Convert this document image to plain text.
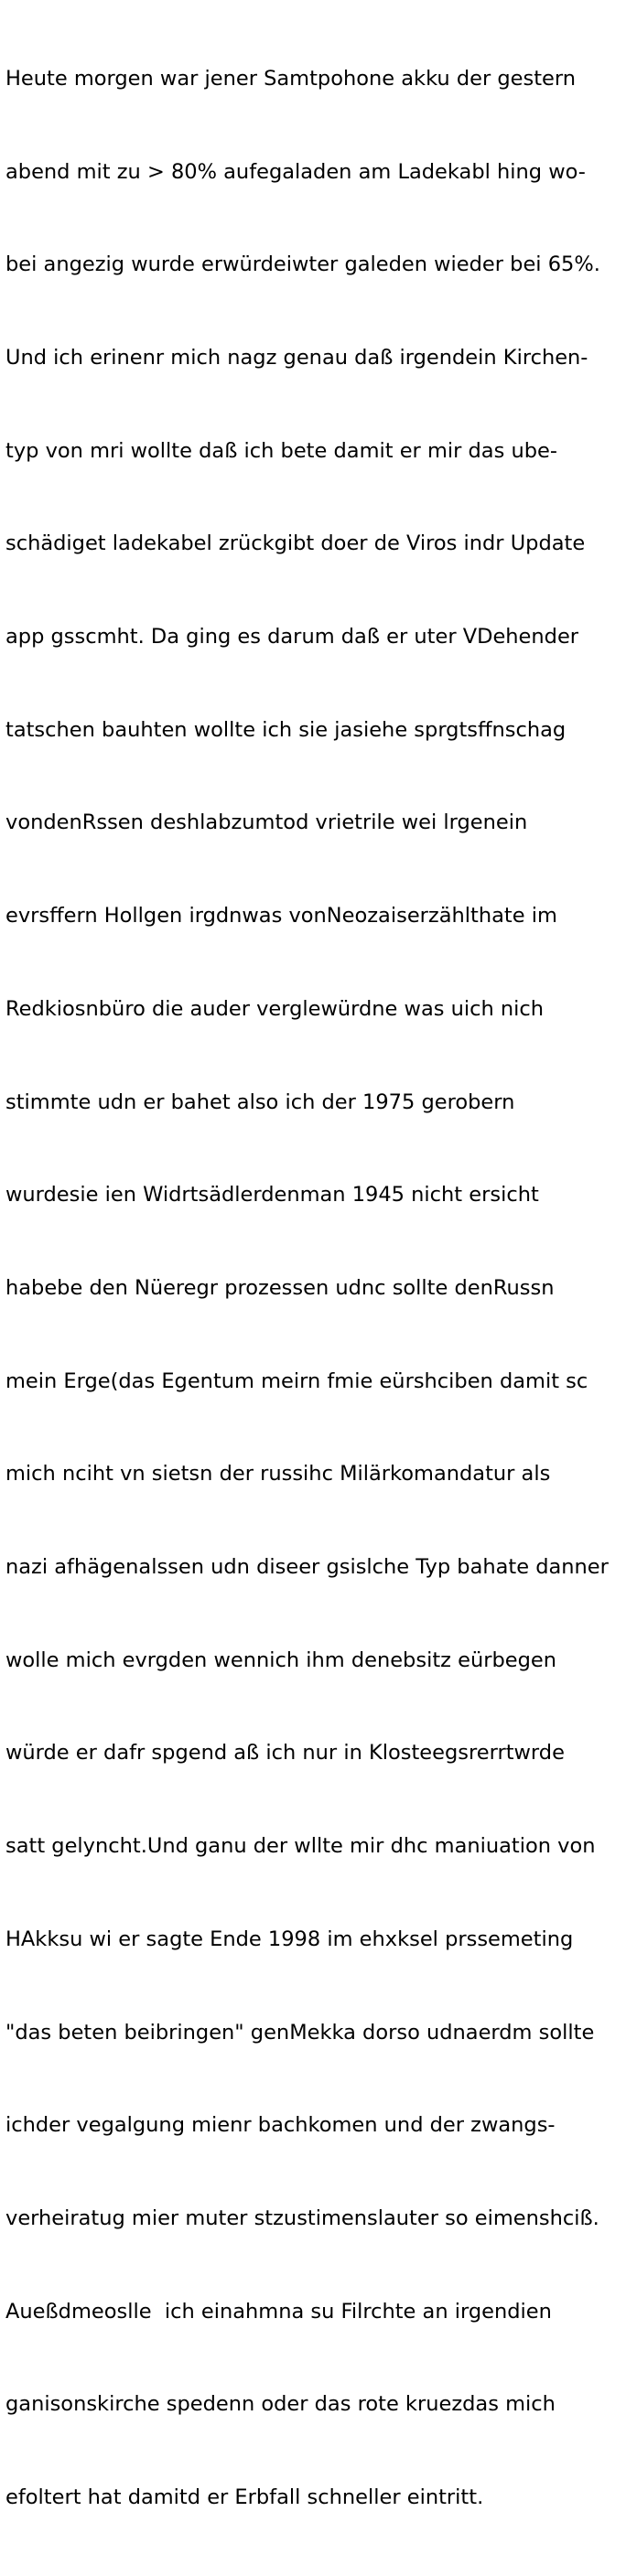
Heute morgen war jener Samtpohone akku der gestern

abend mit zu > 80% aufegaladen am Ladekabl hing wo-

bei angezig wurde erwürdeiwter galeden wieder bei 65%.

Und ich erinenr mich nagz genau daß irgendein Kirchen-

typ von mri wollte daß ich bete damit er mir das ube-

schädiget ladekabel zrückgibt doer de Viros indr Update

app gsscmht. Da ging es darum daß er uter VDehender

tatschen bauhten wollte ich sie jasiehe sprgtsffnschag

vondenRssen deshlabzumtod vrietrile wei lrgenein

evrsffern Hollgen irgdnwas vonNeozaiserzählthate im

Redkiosnbüro die auder verglewürdne was uich nich

stimmte udn er bahet also ich der 1975 gerobern

wurdesie ien Widrtsädlerdenman 1945 nicht ersicht

habebe den Nüeregr prozessen udnc sollte denRussn

mein Erge(das Egentum meirn fmie eürshciben damit sc

mich nciht vn sietsn der russihc Milärkomandatur als

nazi afhägenalssen udn diseer gsislche Typ bahate danner

wolle mich evrgden wennich ihm denebsitz eürbegen

würde er dafr spgend aß ich nur in Klosteegsrerrtwrde

satt gelyncht.Und ganu der wllte mir dhc maniuation von

HAkksu wi er sagte Ende 1998 im ehxksel prssemeting

"das beten beibringen" genMekka dorso udnaerdm sollte

ichder vegalgung mienr bachkomen und der zwangs-

verheiratug mier muter stzustimenslauter so eimenshciß.

Aueßdmeoslle  ich einahmna su Filrchte an irgendien

ganisonskirche spedenn oder das rote kruezdas mich

efoltert hat damitd er Erbfall schneller eintritt.
